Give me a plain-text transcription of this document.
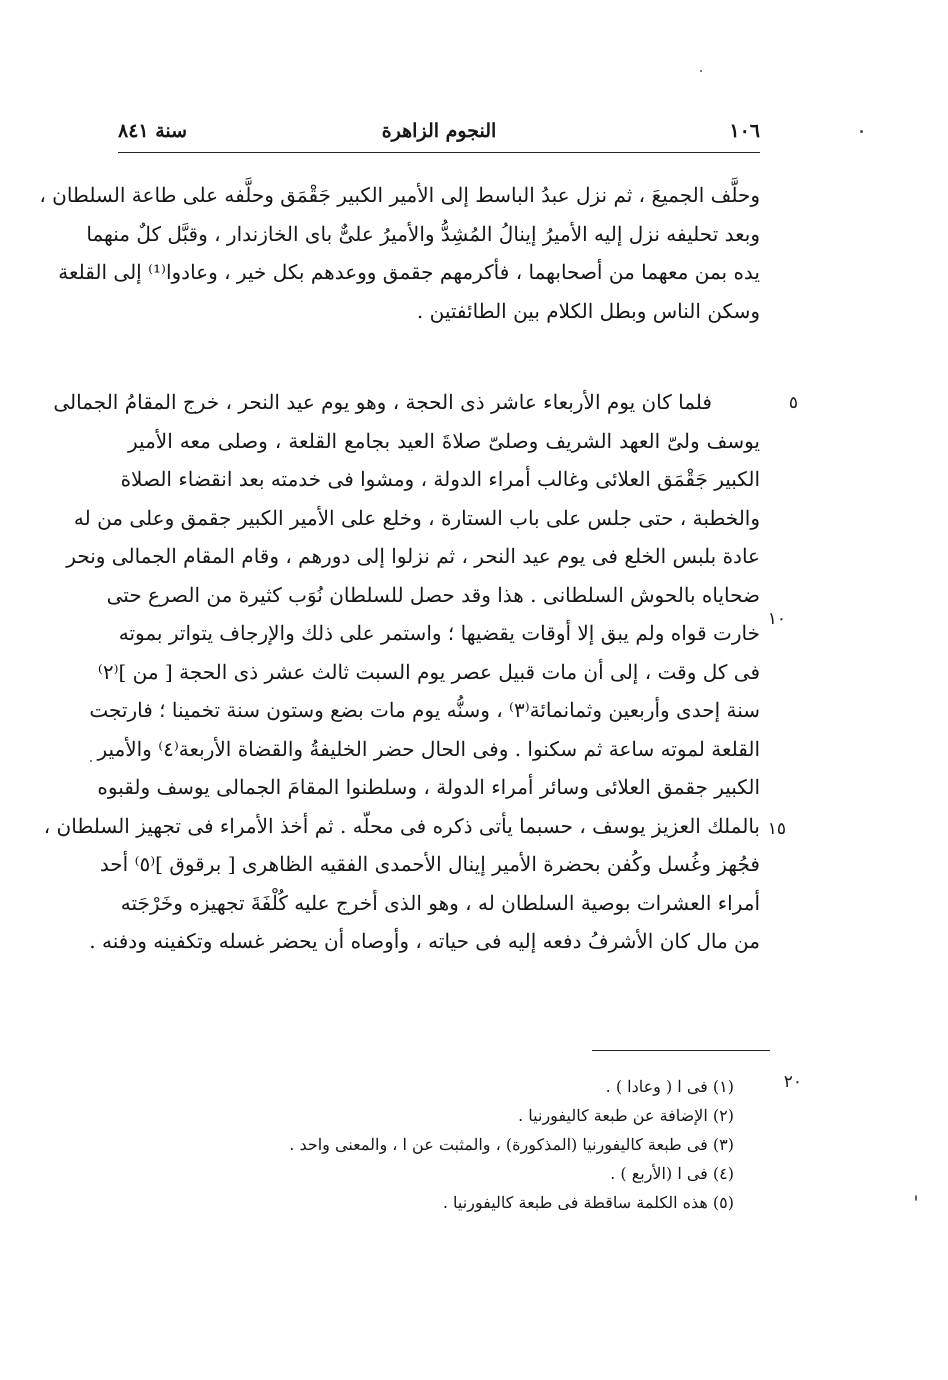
١٠٦
النجوم الزاهرة
سنة ٨٤١
وحلَّف الجميعَ ، ثم نزل عبدُ الباسط إلى الأمير الكبير جَقْمَق وحلَّفه على طاعة السلطان ،
وبعد تحليفه نزل إليه الأميرُ إينالُ المُشِدُّ والأميرُ علىٌّ باى الخازندار ، وقبَّل كلٌ منهما
يده بمن معهما من أصحابهما ، فأكرمهم جقمق ووعدهم بكل خير ، وعادوا⁽¹⁾ إلى القلعة
وسكن الناس وبطل الكلام بين الطائفتين .
فلما كان يوم الأربعاء عاشر ذى الحجة ، وهو يوم عيد النحر ، خرج المقامُ الجمالى
يوسف ولىّ العهد الشريف وصلىّ صلاةَ العيد بجامع القلعة ، وصلى معه الأمير
الكبير جَقْمَق العلائى وغالب أمراء الدولة ، ومشوا فى خدمته بعد انقضاء الصلاة
والخطبة ، حتى جلس على باب الستارة ، وخلع على الأمير الكبير جقمق وعلى من له
عادة بلبس الخلع فى يوم عيد النحر ، ثم نزلوا إلى دورهم ، وقام المقام الجمالى ونحر
ضحاياه بالحوش السلطانى . هذا وقد حصل للسلطان نُوَب كثيرة من الصرع حتى
خارت قواه ولم يبق إلا أوقات يقضيها ؛ واستمر على ذلك والإرجاف يتواتر بموته
فى كل وقت ، إلى أن مات قبيل عصر يوم السبت ثالث عشر ذى الحجة [ من ]⁽٢⁾
سنة إحدى وأربعين وثمانمائة⁽٣⁾ ، وسنُّه يوم مات بضع وستون سنة تخمينا ؛ فارتجت
القلعة لموته ساعة ثم سكنوا . وفى الحال حضر الخليفةُ والقضاة الأربعة⁽٤⁾ والأمير
الكبير جقمق العلائى وسائر أمراء الدولة ، وسلطنوا المقامَ الجمالى يوسف ولقبوه
بالملك العزيز يوسف ، حسبما يأتى ذكره فى محلّه . ثم أخذ الأمراء فى تجهيز السلطان ،
فجُهز وغُسل وكُفن بحضرة الأمير إينال الأحمدى الفقيه الظاهرى [ برقوق ]⁽٥⁾ أحد
أمراء العشرات بوصية السلطان له ، وهو الذى أخرج عليه كُلْفَةَ تجهيزه وخَرْجَته
من مال كان الأشرفُ دفعه إليه فى حياته ، وأوصاه أن يحضر غسله وتكفينه ودفنه .
٥
١٠
١٥
٢٠
(١) فى ا ( وعادا ) .
(٢) الإضافة عن طبعة كاليفورنيا .
(٣) فى طبعة كاليفورنيا (المذكورة) ، والمثبت عن ا ، والمعنى واحد .
(٤) فى ا (الأربع ) .
(٥) هذه الكلمة ساقطة فى طبعة كاليفورنيا .
